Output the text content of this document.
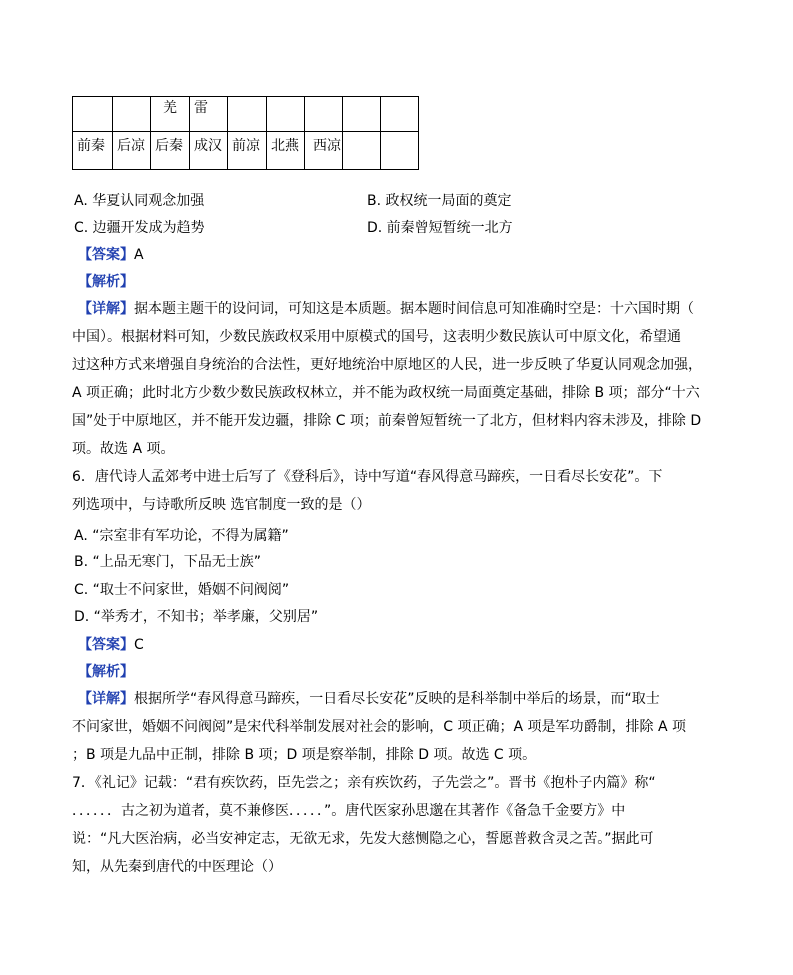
		羌	雷					
前秦	后凉	后秦	成汉	前凉	北燕	西凉		
A. 华夏认同观念加强	B. 政权统一局面的奠定
C. 边疆开发成为趋势	D. 前秦曾短暂统一北方
【答案】A
【解析】
【详解】据本题主题干的设问词，可知这是本质题。据本题时间信息可知准确时空是：十六国时期（
中国）。根据材料可知，少数民族政权采用中原模式的国号，这表明少数民族认可中原文化，希望通
过这种方式来增强自身统治的合法性，更好地统治中原地区的人民，进一步反映了华夏认同观念加强，
A 项正确；此时北方少数少数民族政权林立，并不能为政权统一局面奠定基础，排除 B 项；部分“十六
国”处于中原地区，并不能开发边疆，排除 C 项；前秦曾短暂统一了北方，但材料内容未涉及，排除 D
项。故选 A 项。
6．唐代诗人孟郊考中进士后写了《登科后》，诗中写道“春风得意马蹄疾，一日看尽长安花”。下
列选项中，与诗歌所反映 选官制度一致的是（）
A. “宗室非有军功论，不得为属籍”
B. “上品无寒门，下品无士族”
C. “取士不问家世，婚姻不问阀阅”
D. “举秀才，不知书；举孝廉，父别居”
【答案】C
【解析】
【详解】根据所学“春风得意马蹄疾，一日看尽长安花”反映的是科举制中举后的场景，而“取士
不问家世，婚姻不问阀阅”是宋代科举制发展对社会的影响，C 项正确；A 项是军功爵制，排除 A 项
；B 项是九品中正制，排除 B 项；D 项是察举制，排除 D 项。故选 C 项。
7．《礼记》记载：“君有疾饮药，臣先尝之；亲有疾饮药，子先尝之”。晋书《抱朴子内篇》称“
．．．．．．古之初为道者，莫不兼修医．．．．．”。唐代医家孙思邈在其著作《备急千金要方》中
说：“凡大医治病，必当安神定志，无欲无求，先发大慈恻隐之心，誓愿普救含灵之苦。”据此可
知，从先秦到唐代的中医理论（）
